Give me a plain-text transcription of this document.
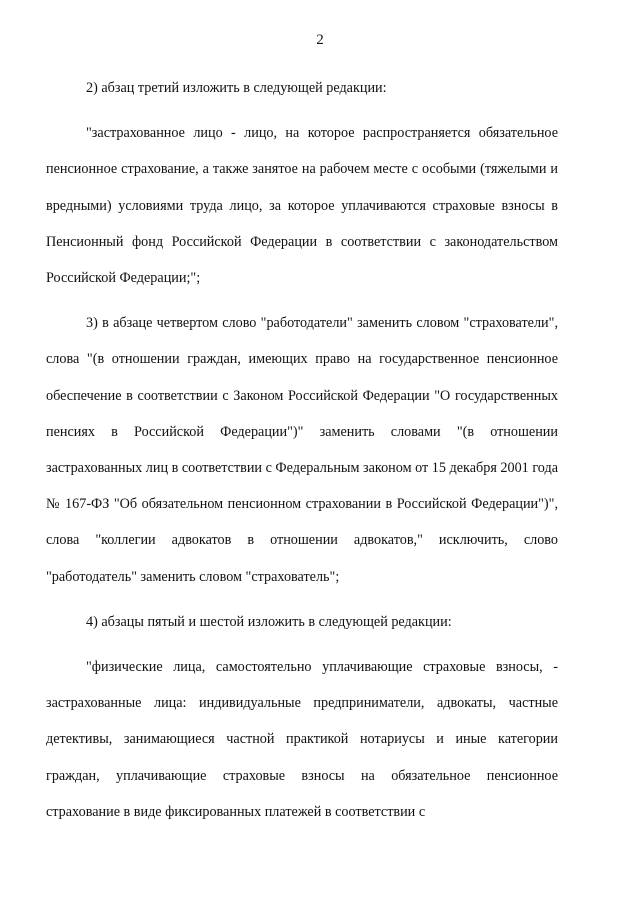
2

2) абзац третий изложить в следующей редакции:

"застрахованное лицо - лицо, на которое распространяется обязательное пенсионное страхование, а также занятое на рабочем месте с особыми (тяжелыми и вредными) условиями труда лицо, за которое уплачиваются страховые взносы в Пенсионный фонд Российской Федерации в соответствии с законодательством Российской Федерации;";

3) в абзаце четвертом слово "работодатели" заменить словом "страхователи", слова "(в отношении граждан, имеющих право на государственное пенсионное обеспечение в соответствии с Законом Российской Федерации "О государственных пенсиях в Российской Федерации")" заменить словами "(в отношении застрахованных лиц в соответствии с Федеральным законом от 15 декабря 2001 года № 167-ФЗ "Об обязательном пенсионном страховании в Российской Федерации")", слова "коллегии адвокатов в отношении адвокатов," исключить, слово "работодатель" заменить словом "страхователь";

4) абзацы пятый и шестой изложить в следующей редакции:

"физические лица, самостоятельно уплачивающие страховые взносы, - застрахованные лица: индивидуальные предприниматели, адвокаты, частные детективы, занимающиеся частной практикой нотариусы и иные категории граждан, уплачивающие страховые взносы на обязательное пенсионное страхование в виде фиксированных платежей в соответствии с
